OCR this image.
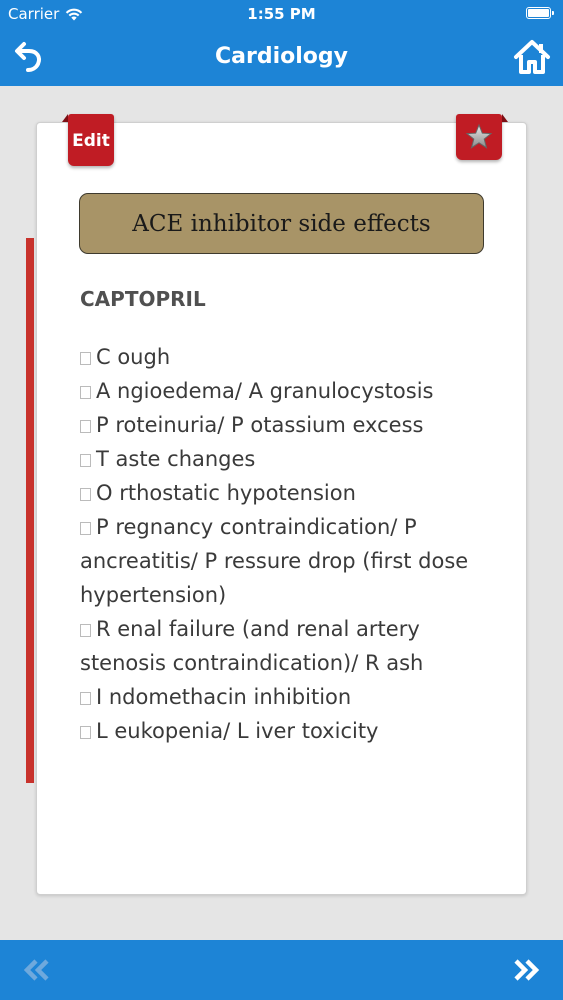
Carrier	1:55 PM
Cardiology
Edit
ACE inhibitor side effects
CAPTOPRIL
C ough
A ngioedema/ A granulocystosis
P roteinuria/ P otassium excess
T aste changes
O rthostatic hypotension
P regnancy contraindication/ P ancreatitis/ P ressure drop (first dose hypertension)
R enal failure (and renal artery stenosis contraindication)/ R ash
I ndomethacin inhibition
L eukopenia/ L iver toxicity
